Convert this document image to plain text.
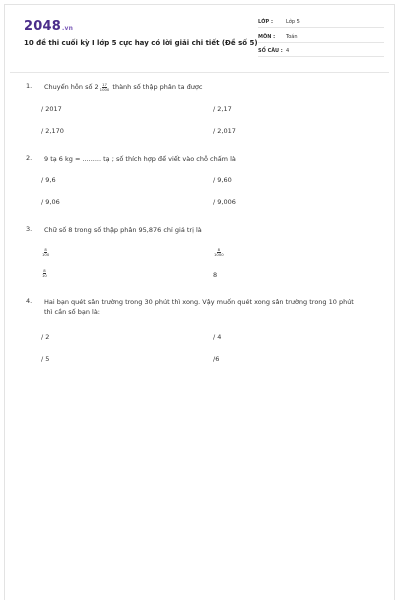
2048.vn
10 đề thi cuối kỳ I lớp 5 cực hay có lời giải chi tiết (Đề số 5)
LỚP :	Lớp 5
MÔN : Toán
SỐ CÂU : 4
1. Chuyển hỗn số $2 \frac{17}{1000}$ thành số thập phân ta được
/ 2017	/ 2,17
/ 2,170	/ 2,017
2. 9 tạ 6 kg = ......... tạ ; số thích hợp để viết vào chỗ chấm là
/ 9,6	/ 9,60
/ 9,06	/ 9,006
3. Chữ số 8 trong số thập phân 95,876 chỉ giá trị là
$\frac{8}{100}$	$\frac{8}{1000}$
$\frac{8}{10}$	8
4. Hai bạn quét sân trường trong 30 phút thì xong. Vậy muốn quét xong sân trường trong 10 phút
thì cần số bạn là:
/ 2	/ 4
/ 5	/6
